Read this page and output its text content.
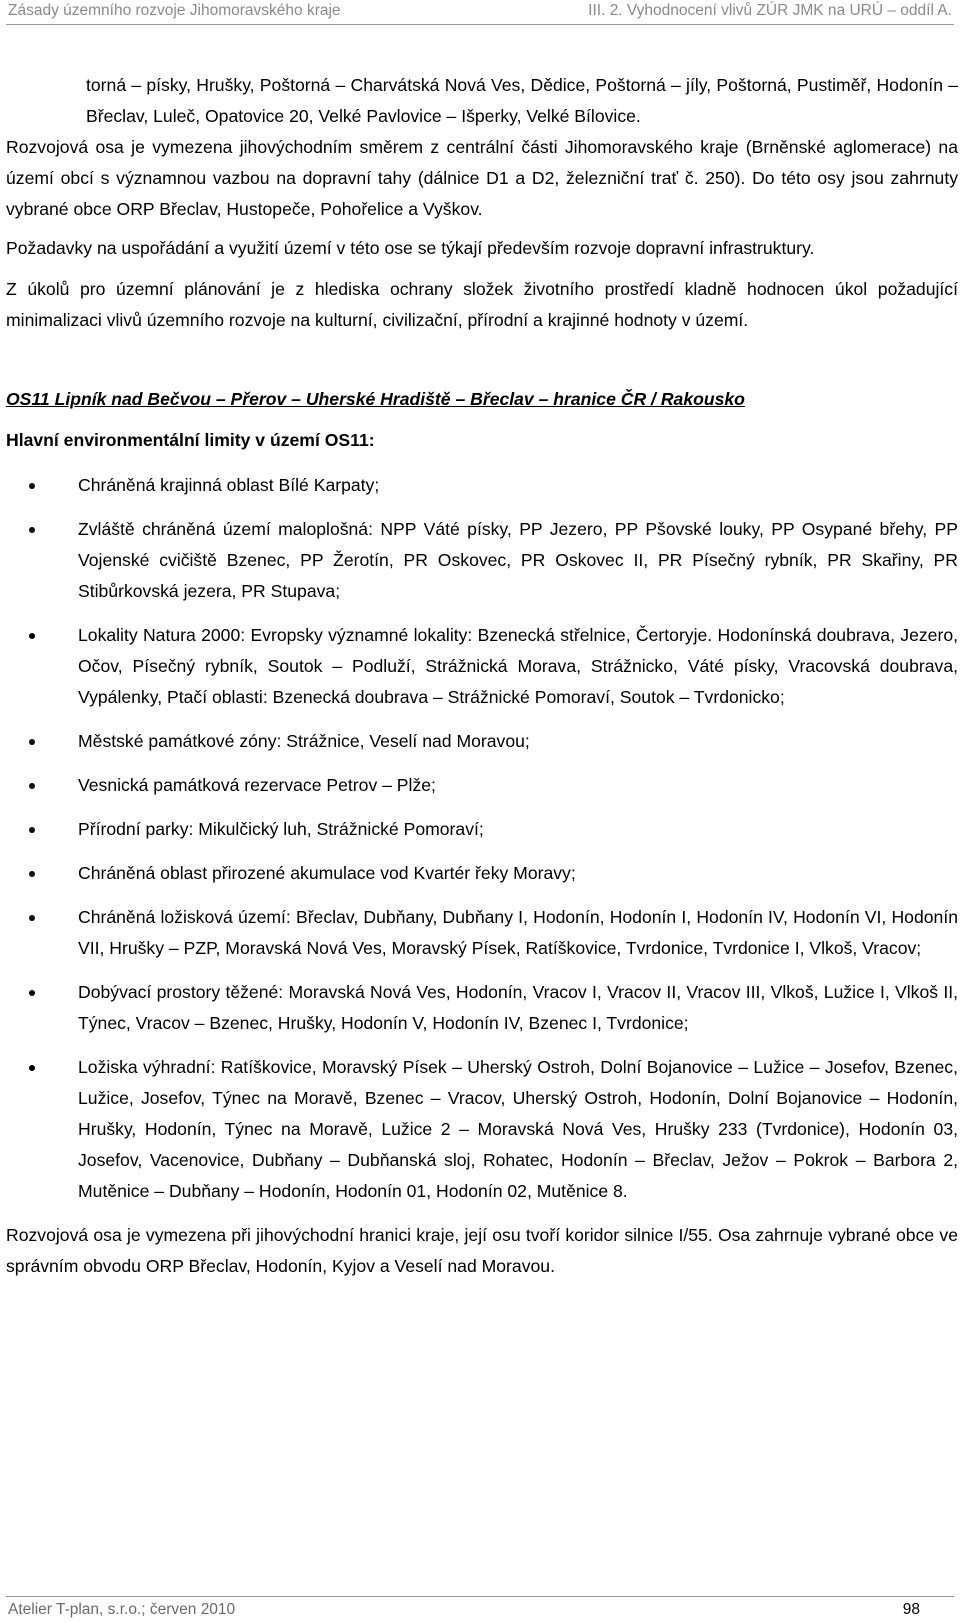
Zásady územního rozvoje Jihomoravského kraje	III. 2. Vyhodnocení vlivů ZÚR JMK na URÚ – oddíl A.

torná – písky, Hrušky, Poštorná – Charvátská Nová Ves, Dědice, Poštorná – jíly, Poštorná, Pustiměř, Hodonín – Břeclav, Luleč, Opatovice 20, Velké Pavlovice – Išperky, Velké Bílovice.

Rozvojová osa je vymezena jihovýchodním směrem z centrální části Jihomoravského kraje (Brněnské aglomerace) na území obcí s významnou vazbou na dopravní tahy (dálnice D1 a D2, železniční trať č. 250). Do této osy jsou zahrnuty vybrané obce ORP Břeclav, Hustopeče, Pohořelice a Vyškov.

Požadavky na uspořádání a využití území v této ose se týkají především rozvoje dopravní infrastruktury.

Z úkolů pro územní plánování je z hlediska ochrany složek životního prostředí kladně hodnocen úkol požadující minimalizaci vlivů územního rozvoje na kulturní, civilizační, přírodní a krajinné hodnoty v území.

OS11 Lipník nad Bečvou – Přerov – Uherské Hradiště – Břeclav – hranice ČR / Rakousko

Hlavní environmentální limity v území OS11:

Chráněná krajinná oblast Bílé Karpaty;
Zvláště chráněná území maloplošná: NPP Váté písky, PP Jezero, PP Pšovské louky, PP Osypané břehy, PP Vojenské cvičiště Bzenec, PP Žerotín, PR Oskovec, PR Oskovec II, PR Písečný rybník, PR Skařiny, PR Stibůrkovská jezera, PR Stupava;
Lokality Natura 2000: Evropsky významné lokality: Bzenecká střelnice, Čertoryje. Hodonínská doubrava, Jezero, Očov, Písečný rybník, Soutok – Podluží, Strážnická Morava, Strážnicko, Váté písky, Vracovská doubrava, Vypálenky, Ptačí oblasti: Bzenecká doubrava – Strážnické Pomoraví, Soutok – Tvrdonicko;
Městské památkové zóny: Strážnice, Veselí nad Moravou;
Vesnická památková rezervace Petrov – Plže;
Přírodní parky: Mikulčický luh, Strážnické Pomoraví;
Chráněná oblast přirozené akumulace vod Kvartér řeky Moravy;
Chráněná ložisková území: Břeclav, Dubňany, Dubňany I, Hodonín, Hodonín I, Hodonín IV, Hodonín VI, Hodonín VII, Hrušky – PZP, Moravská Nová Ves, Moravský Písek, Ratíškovice, Tvrdonice, Tvrdonice I, Vlkoš, Vracov;
Dobývací prostory těžené: Moravská Nová Ves, Hodonín, Vracov I, Vracov II, Vracov III, Vlkoš, Lužice I, Vlkoš II, Týnec, Vracov – Bzenec, Hrušky, Hodonín V, Hodonín IV, Bzenec I, Tvrdonice;
Ložiska výhradní: Ratíškovice, Moravský Písek – Uherský Ostroh, Dolní Bojanovice – Lužice – Josefov, Bzenec, Lužice, Josefov, Týnec na Moravě, Bzenec – Vracov, Uherský Ostroh, Hodonín, Dolní Bojanovice – Hodonín, Hrušky, Hodonín, Týnec na Moravě, Lužice 2 – Moravská Nová Ves, Hrušky 233 (Tvrdonice), Hodonín 03, Josefov, Vacenovice, Dubňany – Dubňanská sloj, Rohatec, Hodonín – Břeclav, Ježov – Pokrok – Barbora 2, Mutěnice – Dubňany – Hodonín, Hodonín 01, Hodonín 02, Mutěnice 8.

Rozvojová osa je vymezena při jihovýchodní hranici kraje, její osu tvoří koridor silnice I/55. Osa zahrnuje vybrané obce ve správním obvodu ORP Břeclav, Hodonín, Kyjov a Veselí nad Moravou.

Atelier T-plan, s.r.o.; červen 2010	98
